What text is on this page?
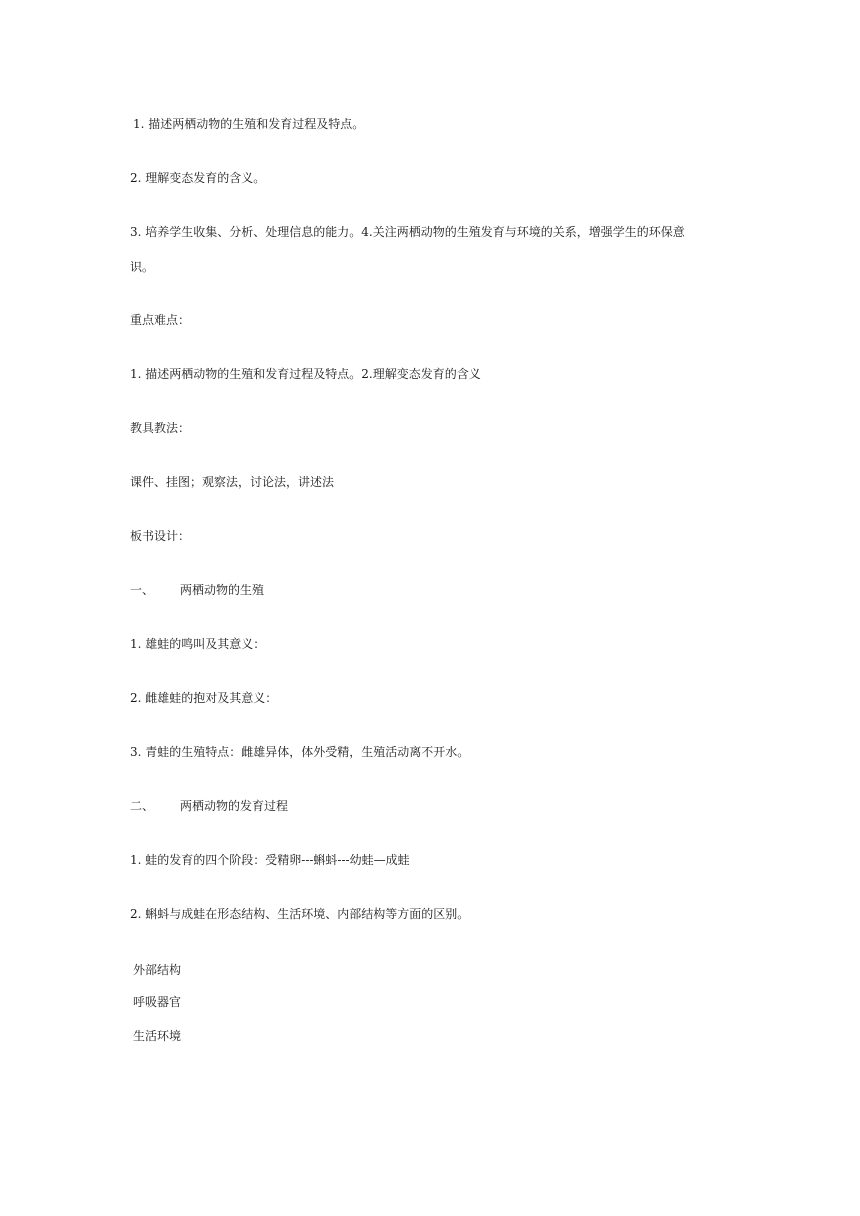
1. 描述两栖动物的生殖和发育过程及特点。
2. 理解变态发育的含义。
3. 培养学生收集、分析、处理信息的能力。4.关注两栖动物的生殖发育与环境的关系，增强学生的环保意
识。
重点难点：
1. 描述两栖动物的生殖和发育过程及特点。2.理解变态发育的含义
教具教法：
课件、挂图；观察法，讨论法，讲述法
板书设计：
一、 两栖动物的生殖
1. 雄蛙的鸣叫及其意义：
2. 雌雄蛙的抱对及其意义：
3. 青蛙的生殖特点：雌雄异体，体外受精，生殖活动离不开水。
二、 两栖动物的发育过程
1. 蛙的发育的四个阶段：受精卵---蝌蚪---幼蛙—成蛙
2. 蝌蚪与成蛙在形态结构、生活环境、内部结构等方面的区别。
外部结构
呼吸器官
生活环境
